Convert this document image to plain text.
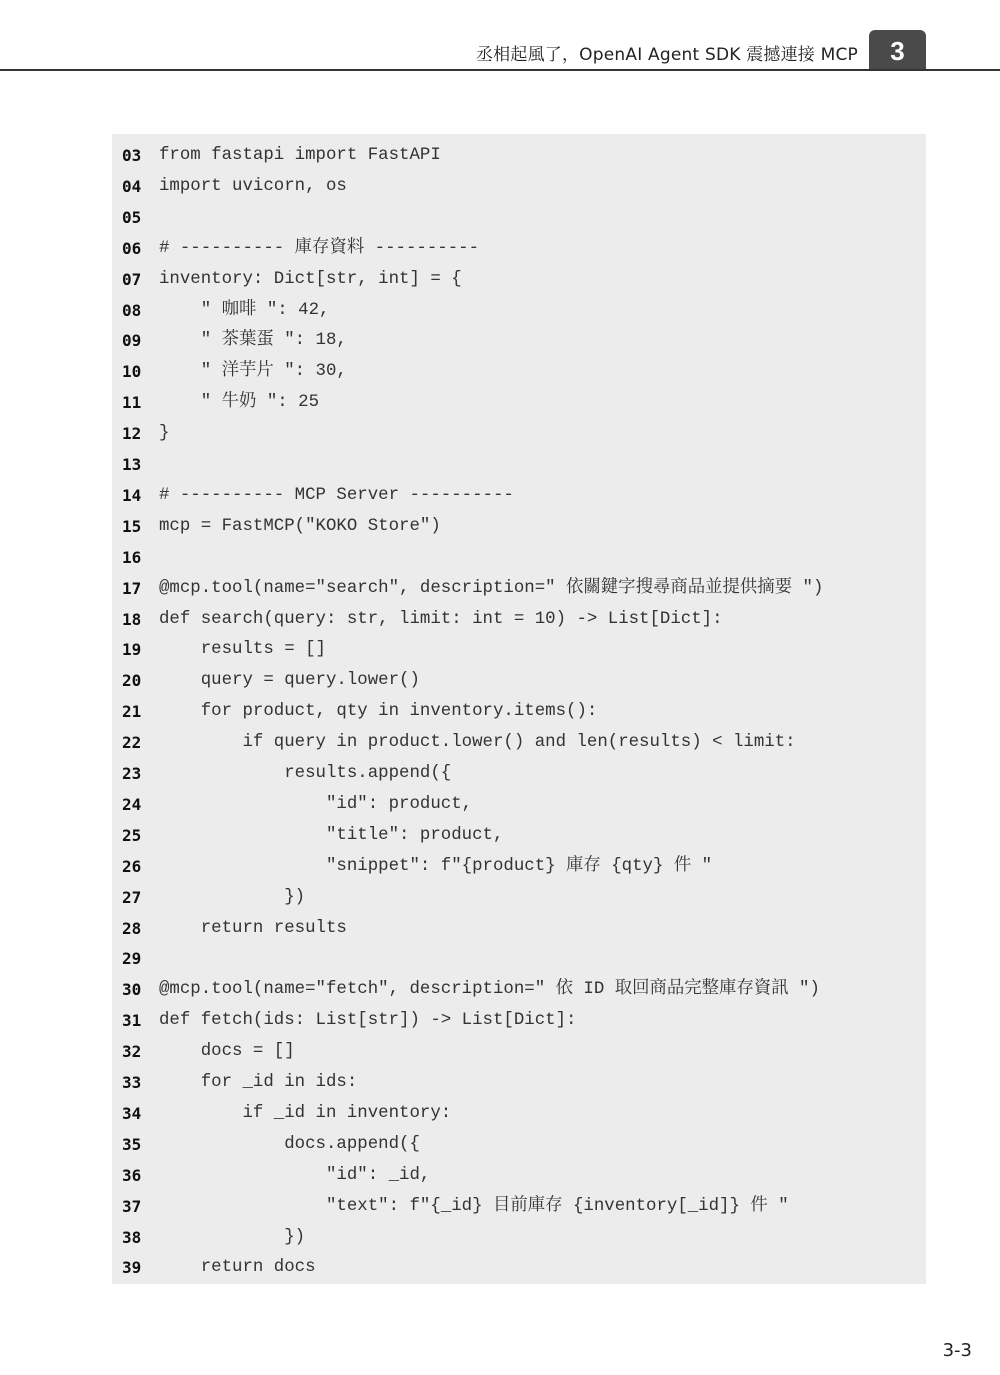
丞相起風了，OpenAI Agent SDK 震撼連接 MCP	3
03	from fastapi import FastAPI
04	import uvicorn, os
05
06	# ---------- 庫存資料 ----------
07	inventory: Dict[str, int] = {
08	" 咖啡 ": 42,
09	" 茶葉蛋 ": 18,
10	" 洋芋片 ": 30,
11	" 牛奶 ": 25
12	}
13
14	# ---------- MCP Server ----------
15	mcp = FastMCP("KOKO Store")
16
17	@mcp.tool(name="search", description=" 依關鍵字搜尋商品並提供摘要 ")
18	def search(query: str, limit: int = 10) -> List[Dict]:
19	results = []
20	query = query.lower()
21	for product, qty in inventory.items():
22	if query in product.lower() and len(results) < limit:
23	results.append({
24	"id": product,
25	"title": product,
26	"snippet": f"{product} 庫存 {qty} 件 "
27	})
28	return results
29
30	@mcp.tool(name="fetch", description=" 依 ID 取回商品完整庫存資訊 ")
31	def fetch(ids: List[str]) -> List[Dict]:
32	docs = []
33	for _id in ids:
34	if _id in inventory:
35	docs.append({
36	"id": _id,
37	"text": f"{_id} 目前庫存 {inventory[_id]} 件 "
38	})
39	return docs
3-3
